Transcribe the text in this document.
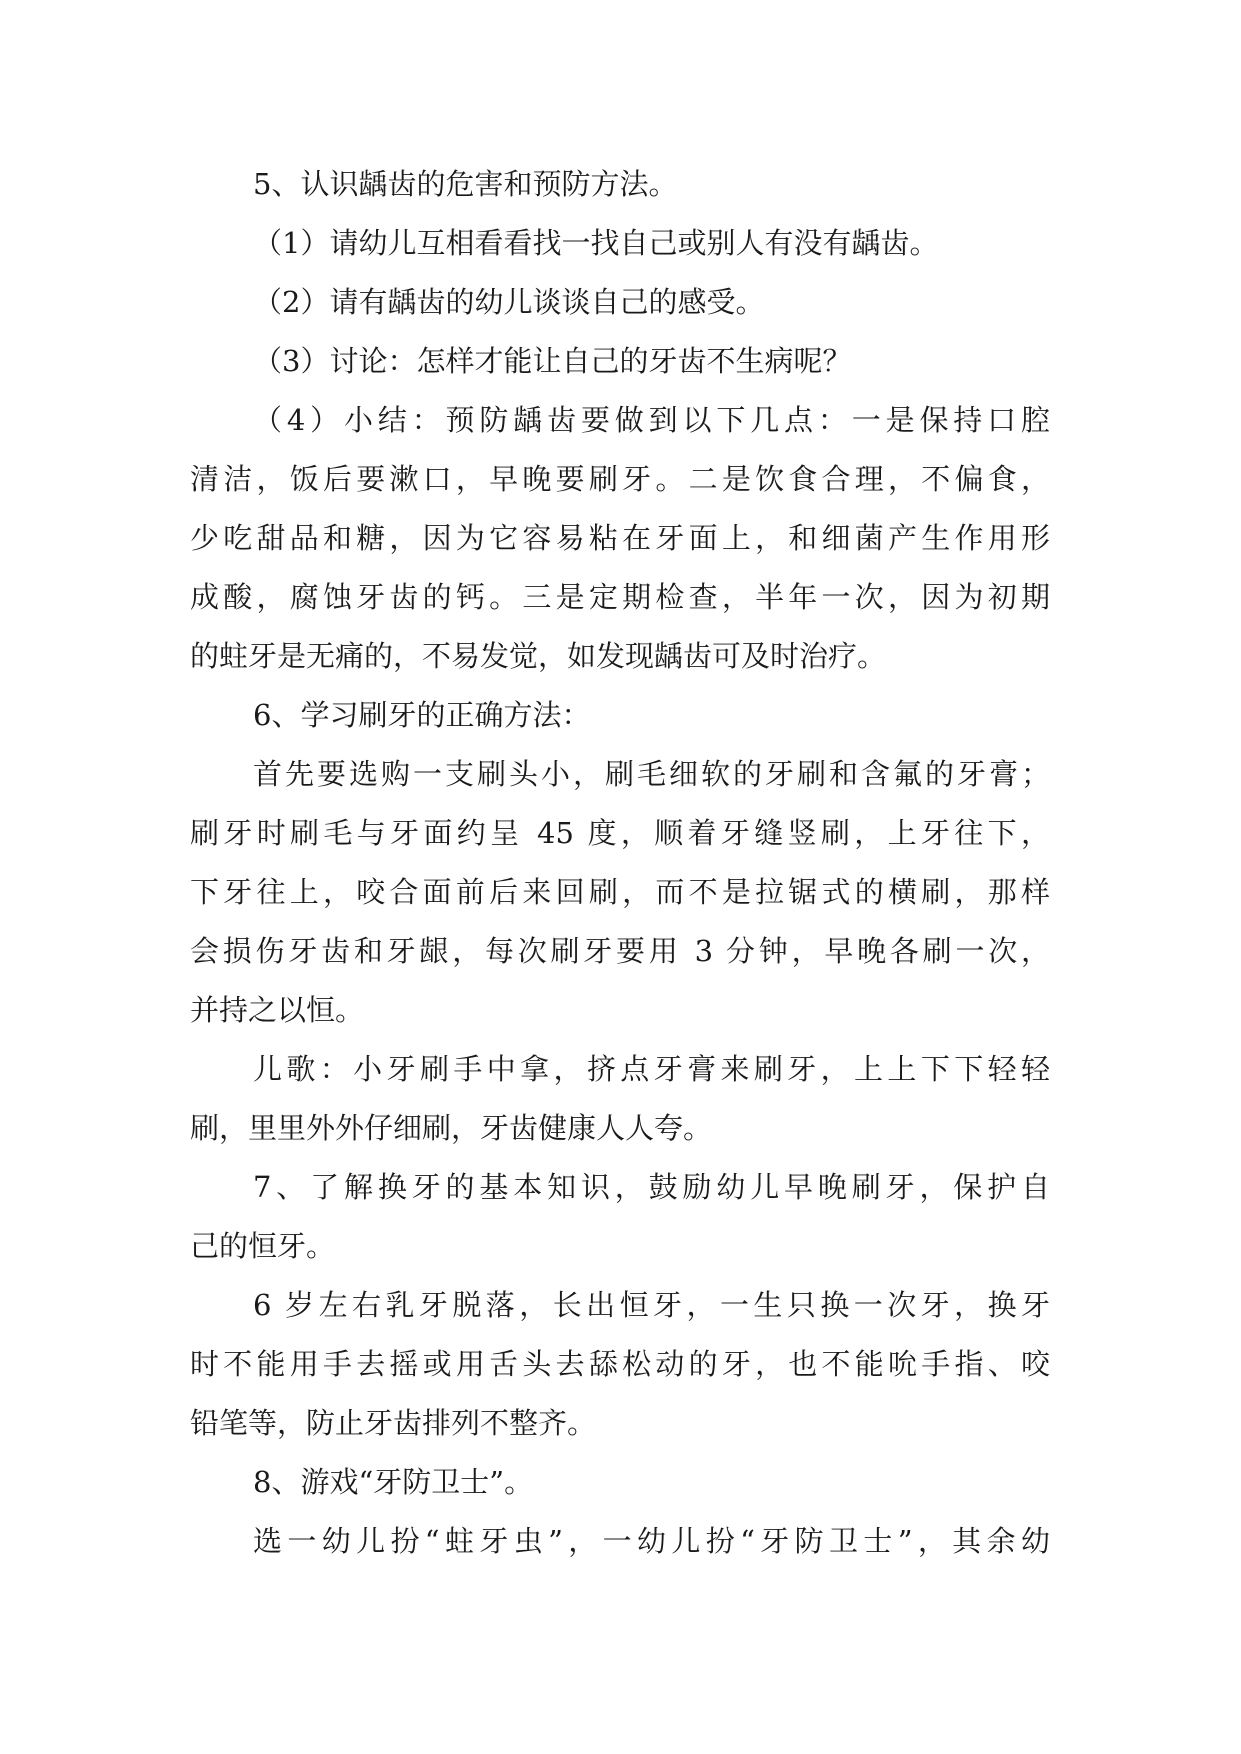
5、认识龋齿的危害和预防方法。
（1）请幼儿互相看看找一找自己或别人有没有龋齿。
（2）请有龋齿的幼儿谈谈自己的感受。
（3）讨论：怎样才能让自己的牙齿不生病呢？
（4）小结：预防龋齿要做到以下几点：一是保持口腔
清洁，饭后要漱口，早晚要刷牙。二是饮食合理，不偏食，
少吃甜品和糖，因为它容易粘在牙面上，和细菌产生作用形
成酸，腐蚀牙齿的钙。三是定期检查，半年一次，因为初期
的蛀牙是无痛的，不易发觉，如发现龋齿可及时治疗。
6、学习刷牙的正确方法：
首先要选购一支刷头小，刷毛细软的牙刷和含氟的牙膏；
刷牙时刷毛与牙面约呈 45 度，顺着牙缝竖刷，上牙往下，
下牙往上，咬合面前后来回刷，而不是拉锯式的横刷，那样
会损伤牙齿和牙龈，每次刷牙要用 3 分钟，早晚各刷一次，
并持之以恒。
儿歌：小牙刷手中拿，挤点牙膏来刷牙，上上下下轻轻
刷，里里外外仔细刷，牙齿健康人人夸。
7、了解换牙的基本知识，鼓励幼儿早晚刷牙，保护自
己的恒牙。
6 岁左右乳牙脱落，长出恒牙，一生只换一次牙，换牙
时不能用手去摇或用舌头去舔松动的牙，也不能吮手指、咬
铅笔等，防止牙齿排列不整齐。
8、游戏“牙防卫士”。
选一幼儿扮“蛀牙虫”，一幼儿扮“牙防卫士”，其余幼
